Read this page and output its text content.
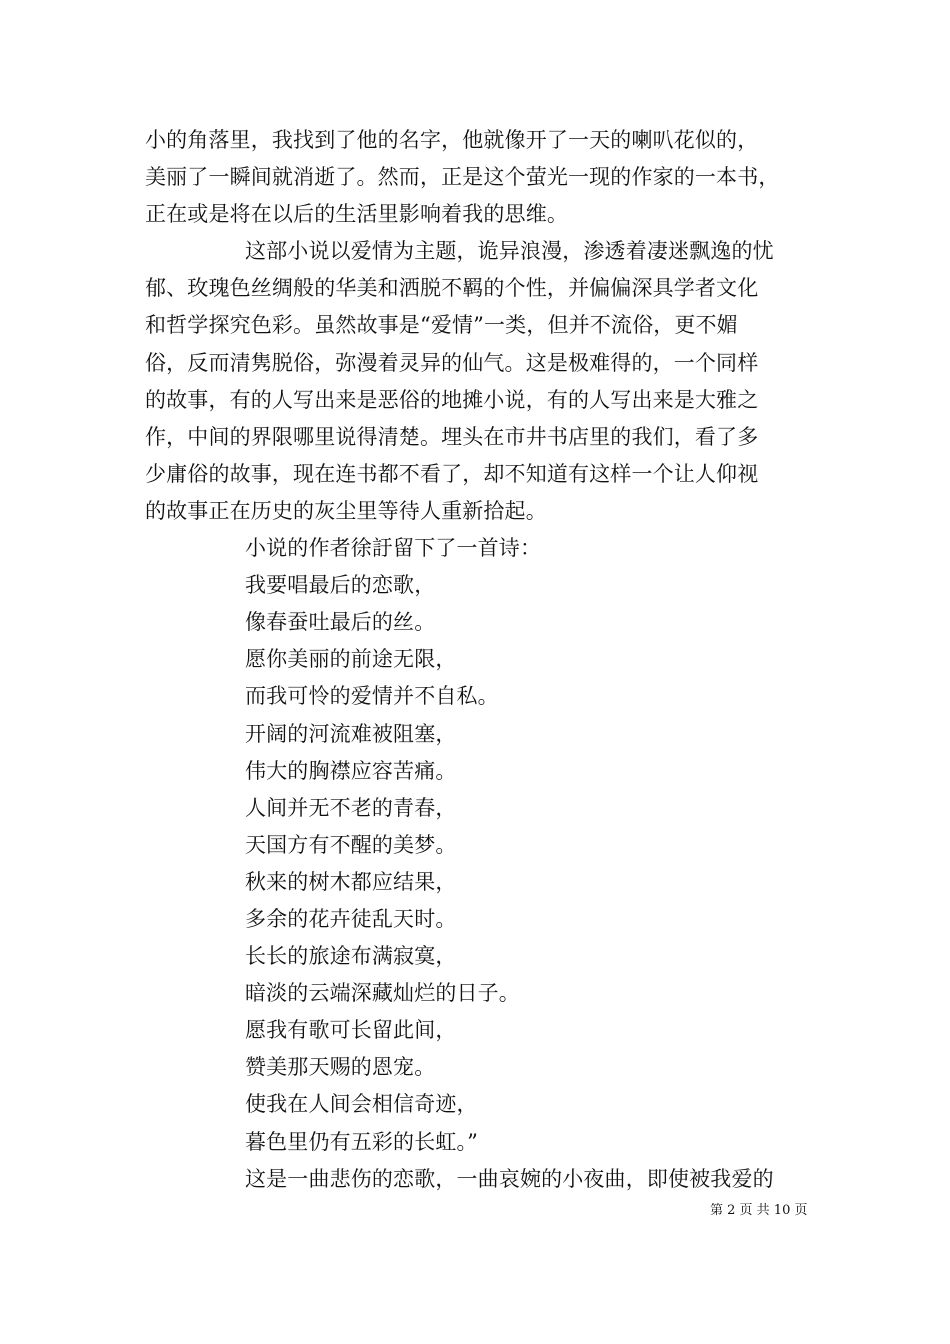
小的角落里，我找到了他的名字，他就像开了一天的喇叭花似的，
美丽了一瞬间就消逝了。然而，正是这个萤光一现的作家的一本书，
正在或是将在以后的生活里影响着我的思维。
这部小说以爱情为主题，诡异浪漫，渗透着凄迷飘逸的忧
郁、玫瑰色丝绸般的华美和洒脱不羁的个性，并偏偏深具学者文化
和哲学探究色彩。虽然故事是“爱情”一类，但并不流俗，更不媚
俗，反而清隽脱俗，弥漫着灵异的仙气。这是极难得的，一个同样
的故事，有的人写出来是恶俗的地摊小说，有的人写出来是大雅之
作，中间的界限哪里说得清楚。埋头在市井书店里的我们，看了多
少庸俗的故事，现在连书都不看了，却不知道有这样一个让人仰视
的故事正在历史的灰尘里等待人重新拾起。
小说的作者徐訏留下了一首诗：
我要唱最后的恋歌，
像春蚕吐最后的丝。
愿你美丽的前途无限，
而我可怜的爱情并不自私。
开阔的河流难被阻塞，
伟大的胸襟应容苦痛。
人间并无不老的青春，
天国方有不醒的美梦。
秋来的树木都应结果，
多余的花卉徒乱天时。
长长的旅途布满寂寞，
暗淡的云端深藏灿烂的日子。
愿我有歌可长留此间，
赞美那天赐的恩宠。
使我在人间会相信奇迹，
暮色里仍有五彩的长虹。”
这是一曲悲伤的恋歌，一曲哀婉的小夜曲，即使被我爱的
第 2 页 共 10 页
